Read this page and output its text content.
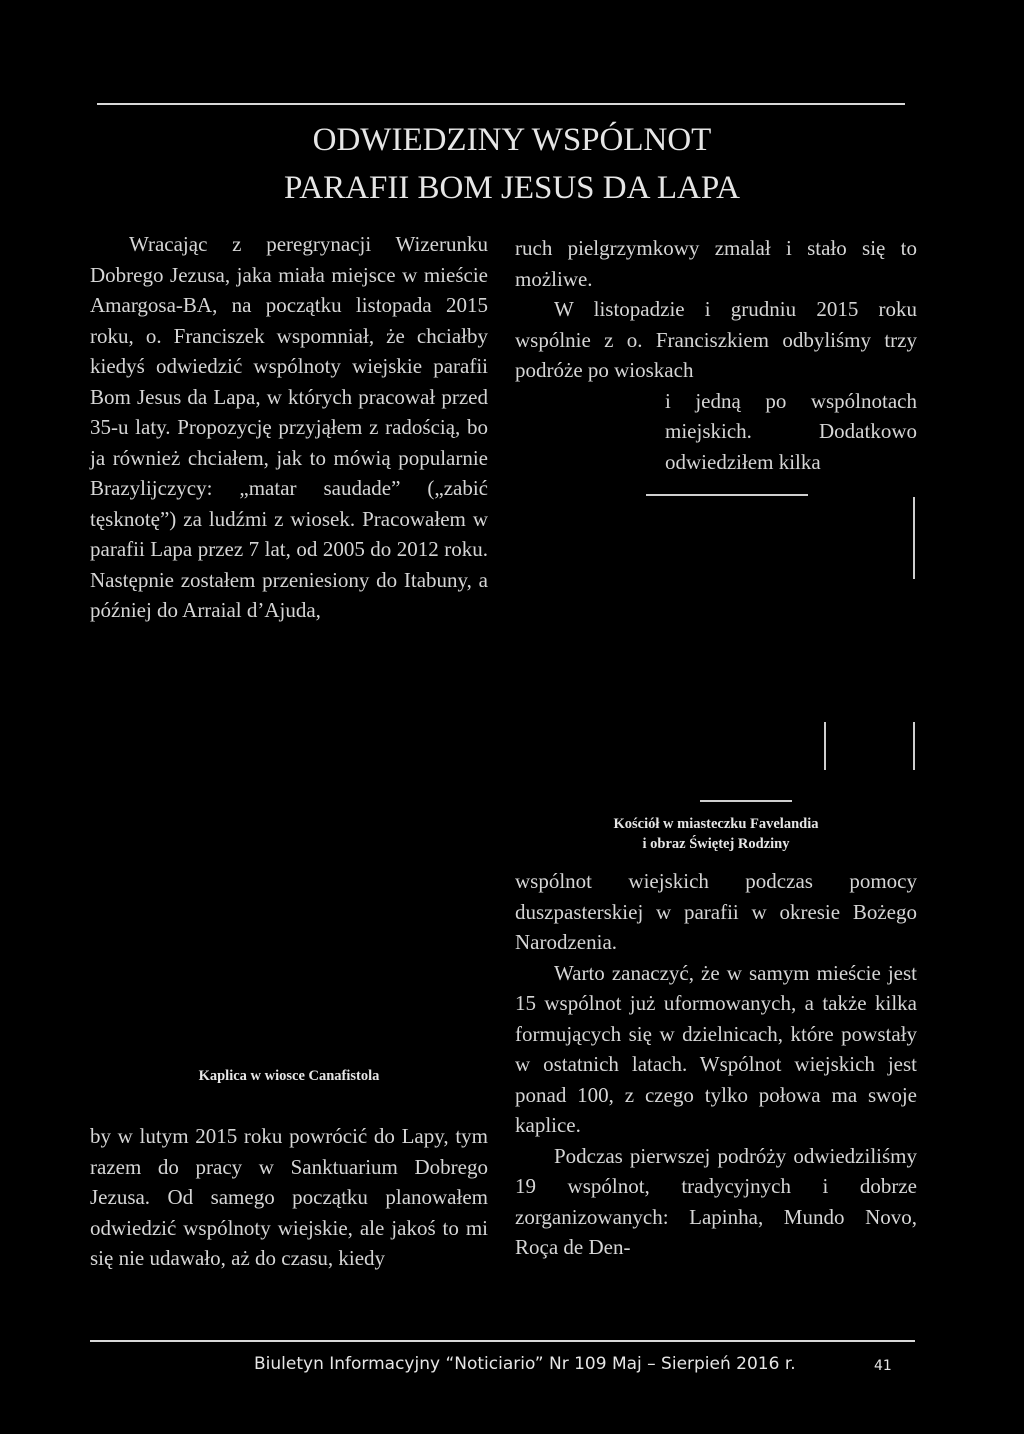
ODWIEDZINY WSPÓLNOT
PARAFII BOM JESUS DA LAPA

Wracając z peregrynacji Wizerunku Dobrego Jezusa, jaka miała miejsce w mieście Amargosa-BA, na początku listopada 2015 roku, o. Franciszek wspomniał, że chciałby kiedyś odwiedzić wspólnoty wiejskie parafii Bom Jesus da Lapa, w których pracował przed 35-u laty. Propozycję przyjąłem z radością, bo ja również chciałem, jak to mówią popularnie Brazylijczycy: „matar saudade” („zabić tęsknotę”) za ludźmi z wiosek. Pracowałem w parafii Lapa przez 7 lat, od 2005 do 2012 roku. Następnie zostałem przeniesiony do Itabuny, a później do Arraial d’Ajuda,

ruch pielgrzymkowy zmalał i stało się to możliwe.

W listopadzie i grudniu 2015 roku wspólnie z o. Franciszkiem odbyliśmy trzy podróże po wioskach

i jedną po wspólnotach miejskich. Dodatkowo odwiedziłem kilka

Kościół w miasteczku Favelandia
i obraz Świętej Rodziny

wspólnot wiejskich podczas pomocy duszpasterskiej w parafii w okresie Bożego Narodzenia.

Warto zanaczyć, że w samym mieście jest 15 wspólnot już uformowanych, a także kilka formujących się w dzielnicach, które powstały w ostatnich latach. Wspólnot wiejskich jest ponad 100, z czego tylko połowa ma swoje kaplice.

Podczas pierwszej podróży odwiedziliśmy 19 wspólnot, tradycyjnych i dobrze zorganizowanych: Lapinha, Mundo Novo, Roça de Den-

Kaplica w wiosce Canafistola

by w lutym 2015 roku powrócić do Lapy, tym razem do pracy w Sanktuarium Dobrego Jezusa. Od samego początku planowałem odwiedzić wspólnoty wiejskie, ale jakoś to mi się nie udawało, aż do czasu, kiedy

Biuletyn Informacyjny “Noticiario” Nr 109 Maj – Sierpień 2016 r.	41
